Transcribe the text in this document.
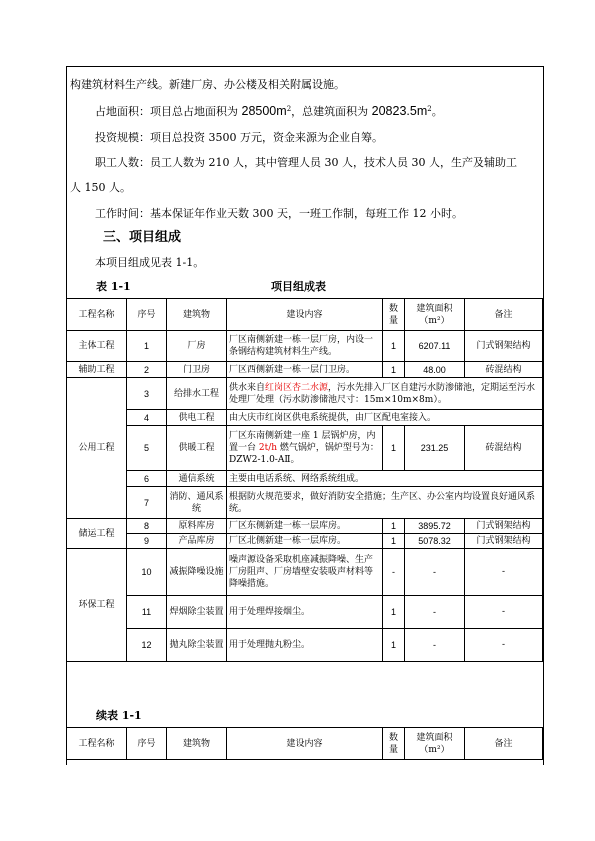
构建筑材料生产线。新建厂房、办公楼及相关附属设施。
占地面积：项目总占地面积为 $28500m^2$，总建筑面积为 $20823.5m^2$。
投资规模：项目总投资 3500 万元，资金来源为企业自筹。
职工人数：员工人数为 210 人，其中管理人员 30 人，技术人员 30 人，生产及辅助工
人 150 人。
工作时间：基本保证年作业天数 300 天，一班工作制，每班工作 12 小时。
三、项目组成
本项目组成见表 1-1。
表 1-1	项目组成表
工程名称	序号	建筑物	建设内容	数量	建筑面积（m²）	备注
主体工程	1	厂房	厂区南侧新建一栋一层厂房，内设一条钢结构建筑材料生产线。	1	6207.11	门式钢架结构
辅助工程	2	门卫房	厂区西侧新建一栋一层门卫房。	1	48.00	砖混结构
公用工程	3	给排水工程	供水来自红岗区杏二水源，污水先排入厂区自建污水防渗储池，定期运至污水处理厂处理（污水防渗储池尺寸：15m×10m×8m）。			
	4	供电工程	由大庆市红岗区供电系统提供，由厂区配电室接入。			
	5	供暖工程	厂区东南侧新建一座 1 层锅炉房，内置一台 2t/h 燃气锅炉，锅炉型号为：DZW2-1.0-AⅡ。	1	231.25	砖混结构
	6	通信系统	主要由电话系统、网络系统组成。			
	7	消防、通风系统	根据防火规范要求，做好消防安全措施；生产区、办公室内均设置良好通风系统。			
储运工程	8	原料库房	厂区东侧新建一栋一层库房。	1	3895.72	门式钢架结构
	9	产品库房	厂区北侧新建一栋一层库房。	1	5078.32	门式钢架结构
环保工程	10	减振降噪设施	噪声源设备采取机座减振降噪、生产厂房阻声、厂房墙壁安装吸声材料等降噪措施。	-	-	-
	11	焊烟除尘装置	用于处理焊接烟尘。	1	-	-
	12	抛丸除尘装置	用于处理抛丸粉尘。	1	-	-
续表 1-1
工程名称	序号	建筑物	建设内容	数量	建筑面积（m²）	备注
